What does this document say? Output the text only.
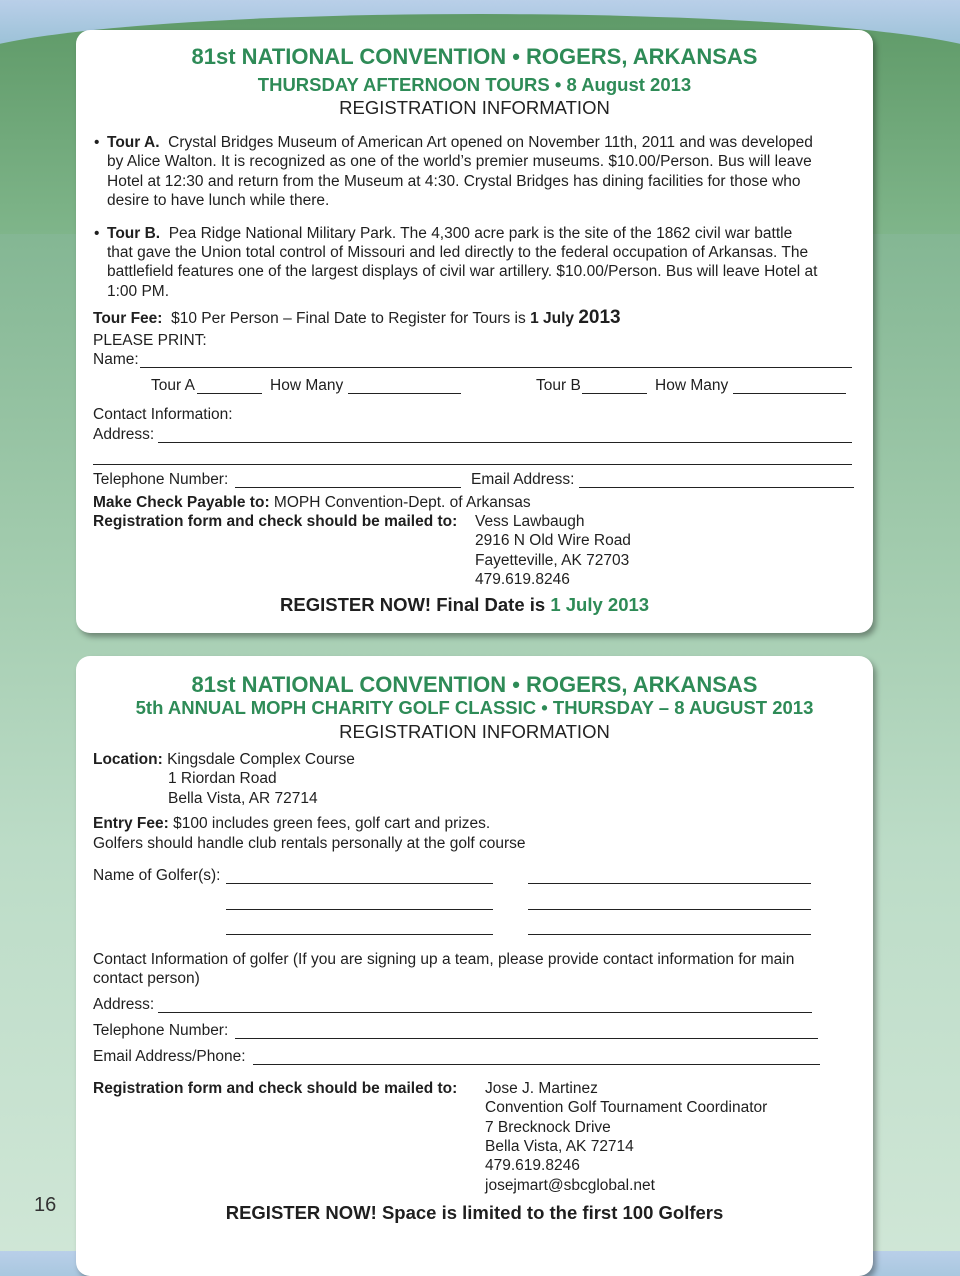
81st NATIONAL CONVENTION • ROGERS, ARKANSAS
THURSDAY AFTERNOON TOURS • 8 August 2013
REGISTRATION INFORMATION
• Tour A. Crystal Bridges Museum of American Art opened on November 11th, 2011 and was developed
by Alice Walton. It is recognized as one of the world’s premier museums. $10.00/Person. Bus will leave
Hotel at 12:30 and return from the Museum at 4:30. Crystal Bridges has dining facilities for those who
desire to have lunch while there.
• Tour B. Pea Ridge National Military Park. The 4,300 acre park is the site of the 1862 civil war battle
that gave the Union total control of Missouri and led directly to the federal occupation of Arkansas. The
battlefield features one of the largest displays of civil war artillery. $10.00/Person. Bus will leave Hotel at
1:00 PM.
Tour Fee: $10 Per Person – Final Date to Register for Tours is 1 July 2013
PLEASE PRINT:
Name:
Tour A	How Many	Tour B	How Many
Contact Information:
Address:
Telephone Number:	Email Address:
Make Check Payable to: MOPH Convention-Dept. of Arkansas
Registration form and check should be mailed to: Vess Lawbaugh
2916 N Old Wire Road
Fayetteville, AK 72703
479.619.8246
REGISTER NOW! Final Date is 1 July 2013
81st NATIONAL CONVENTION • ROGERS, ARKANSAS
5th ANNUAL MOPH CHARITY GOLF CLASSIC • THURSDAY – 8 AUGUST 2013
REGISTRATION INFORMATION
Location: Kingsdale Complex Course
1 Riordan Road
Bella Vista, AR 72714
Entry Fee: $100 includes green fees, golf cart and prizes.
Golfers should handle club rentals personally at the golf course
Name of Golfer(s):
Contact Information of golfer (If you are signing up a team, please provide contact information for main
contact person)
Address:
Telephone Number:
Email Address/Phone:
Registration form and check should be mailed to: Jose J. Martinez
Convention Golf Tournament Coordinator
7 Brecknock Drive
Bella Vista, AK 72714
479.619.8246
josejmart@sbcglobal.net
REGISTER NOW! Space is limited to the first 100 Golfers
16
